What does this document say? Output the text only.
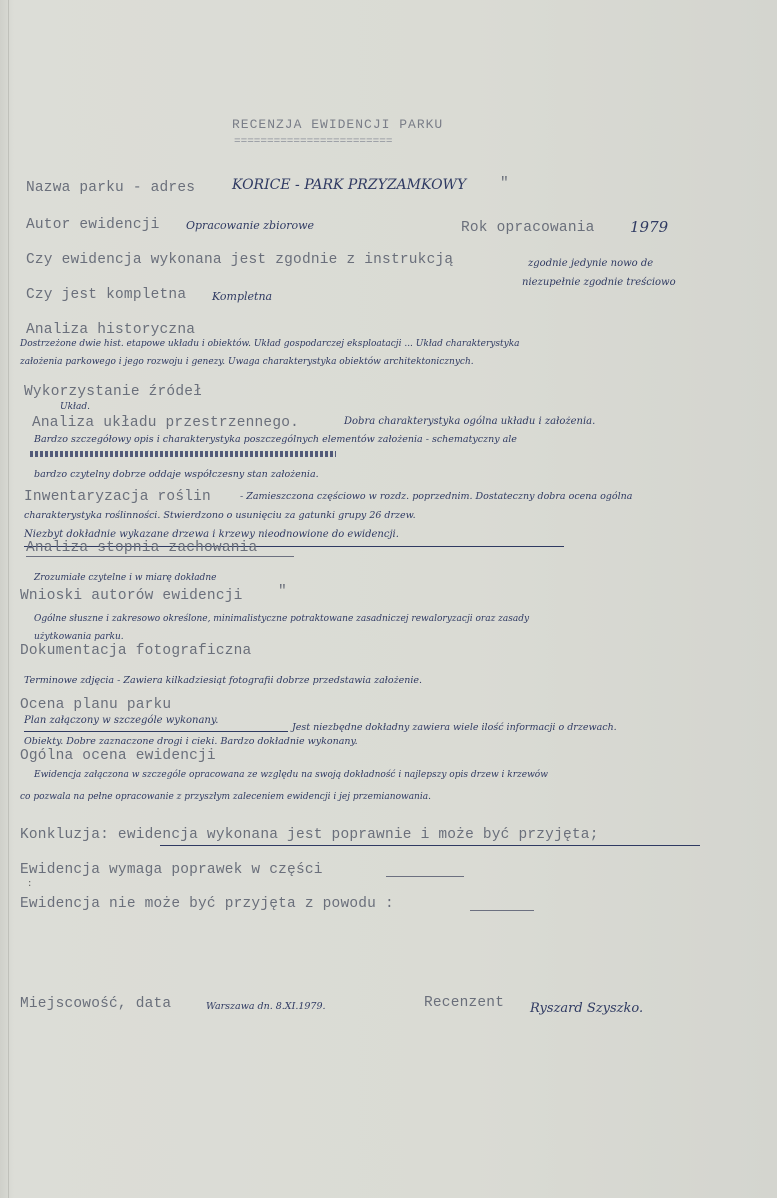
RECENZJA EWIDENCJI PARKU
========================
Nazwa parku - adres	KORICE - PARK PRZYZAMKOWY "
Autor ewidencji Opracowanie zbiorowe	Rok opracowania 1979
Czy ewidencja wykonana jest zgodnie z instrukcją	zgodnie jedynie nowo de
niezupełnie zgodnie treściowo
Czy jest kompletna Kompletna
Analiza historyczna
Dostrzeżone dwie hist. etapowe układu i obiektów. Układ gospodarczej eksploatacji ... Układ charakterystyka
założenia parkowego i jego rozwoju i genezy. Uwaga charakterystyka obiektów architektonicznych.
Wykorzystanie źródeł
Układ.
Analiza układu przestrzennego.	Dobra charakterystyka ogólna układu i założenia.
Bardzo szczegółowy opis i charakterystyka poszczególnych elementów założenia - schematyczny ale
bardzo czytelny dobrze oddaje współczesny stan założenia.
Inwentaryzacja roślin	- Zamieszczona częściowo w rozdz. poprzednim. Dostateczny dobra ocena ogólna
charakterystyka roślinności. Stwierdzono o usunięciu za gatunki grupy 26 drzew.
Niezbyt dokładnie wykazane drzewa i krzewy nieodnowione do ewidencji.
Analiza stopnia zachowania
Zrozumiałe czytelne i w miarę dokładne
Wnioski autorów ewidencji "
Ogólne słuszne i zakresowo określone, minimalistyczne potraktowane zasadniczej rewaloryzacji oraz zasady
użytkowania parku.
Dokumentacja fotograficzna
Terminowe zdjęcia - Zawiera kilkadziesiąt fotografii dobrze przedstawia założenie.
Ocena planu parku
Plan załączony w szczególe wykonany.
Jest niezbędne dokładny zawiera wiele ilość informacji o drzewach.
Obiekty. Dobre zaznaczone drogi i cieki. Bardzo dokładnie wykonany.
Ogólna ocena ewidencji
Ewidencja załączona w szczególe opracowana ze względu na swoją dokładność i najlepszy opis drzew i krzewów
co pozwala na pełne opracowanie z przyszłym zaleceniem ewidencji i jej przemianowania.
Konkluzja: ewidencja wykonana jest poprawnie i może być przyjęta;
Ewidencja wymaga poprawek w części
:
Ewidencja nie może być przyjęta z powodu :
Miejscowość, data	Warszawa dn. 8.XI.1979.	Recenzent Ryszard Szyszko.
